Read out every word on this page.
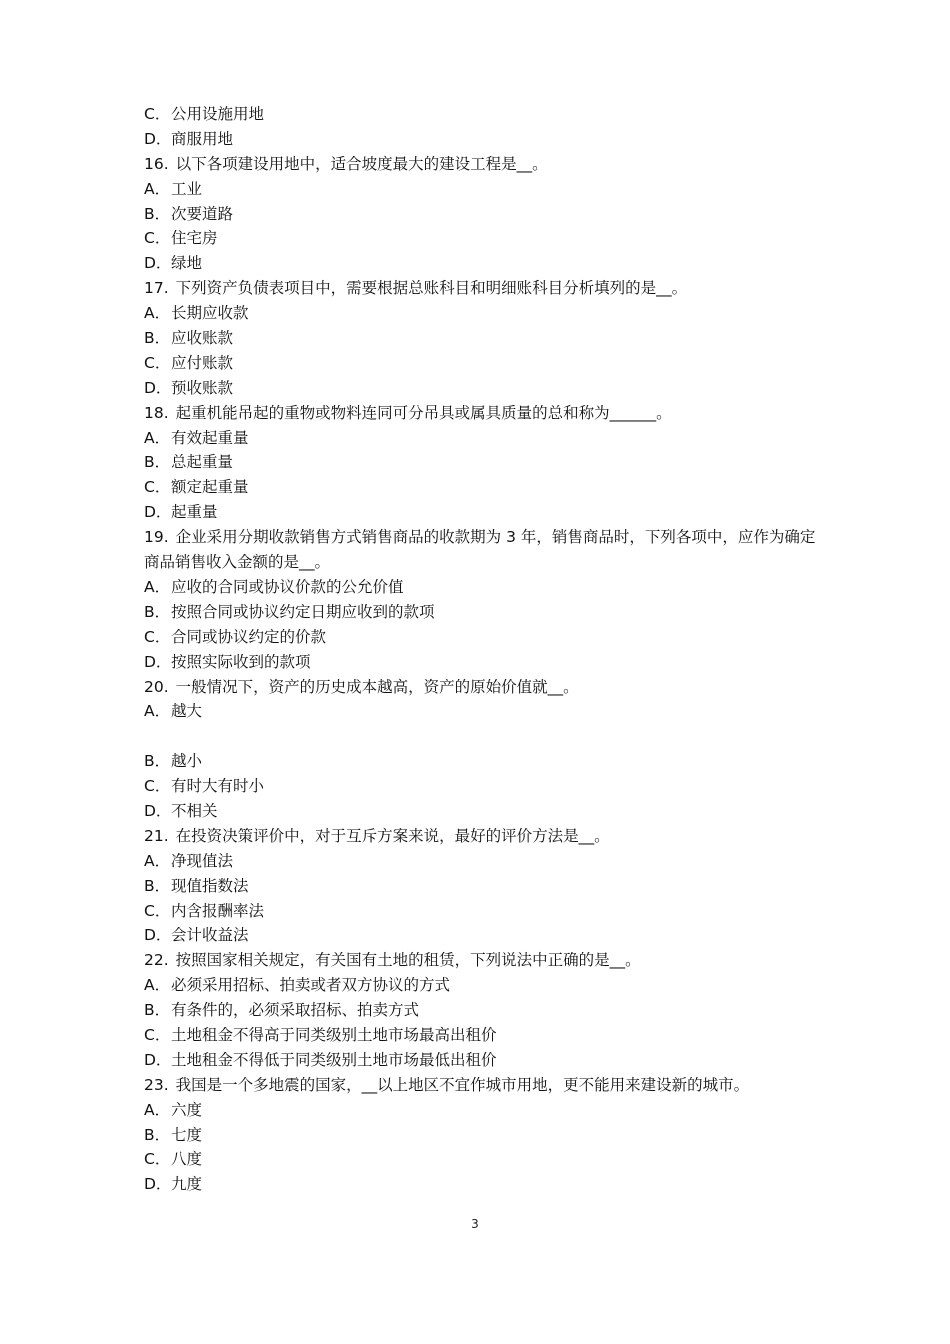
C．公用设施用地
D．商服用地
16. 以下各项建设用地中，适合坡度最大的建设工程是__。
A．工业
B．次要道路
C．住宅房
D．绿地
17. 下列资产负债表项目中，需要根据总账科目和明细账科目分析填列的是__。
A．长期应收款
B．应收账款
C．应付账款
D．预收账款
18. 起重机能吊起的重物或物料连同可分吊具或属具质量的总和称为______。
A．有效起重量
B．总起重量
C．额定起重量
D．起重量
19. 企业采用分期收款销售方式销售商品的收款期为 3 年，销售商品时，下列各项中，应作为确定商品销售收入金额的是__。
A．应收的合同或协议价款的公允价值
B．按照合同或协议约定日期应收到的款项
C．合同或协议约定的价款
D．按照实际收到的款项
20. 一般情况下，资产的历史成本越高，资产的原始价值就__。
A．越大
B．越小
C．有时大有时小
D．不相关
21. 在投资决策评价中，对于互斥方案来说，最好的评价方法是__。
A．净现值法
B．现值指数法
C．内含报酬率法
D．会计收益法
22. 按照国家相关规定，有关国有土地的租赁，下列说法中正确的是__。
A．必须采用招标、拍卖或者双方协议的方式
B．有条件的，必须采取招标、拍卖方式
C．土地租金不得高于同类级别土地市场最高出租价
D．土地租金不得低于同类级别土地市场最低出租价
23. 我国是一个多地震的国家，__以上地区不宜作城市用地，更不能用来建设新的城市。
A．六度
B．七度
C．八度
D．九度
3
